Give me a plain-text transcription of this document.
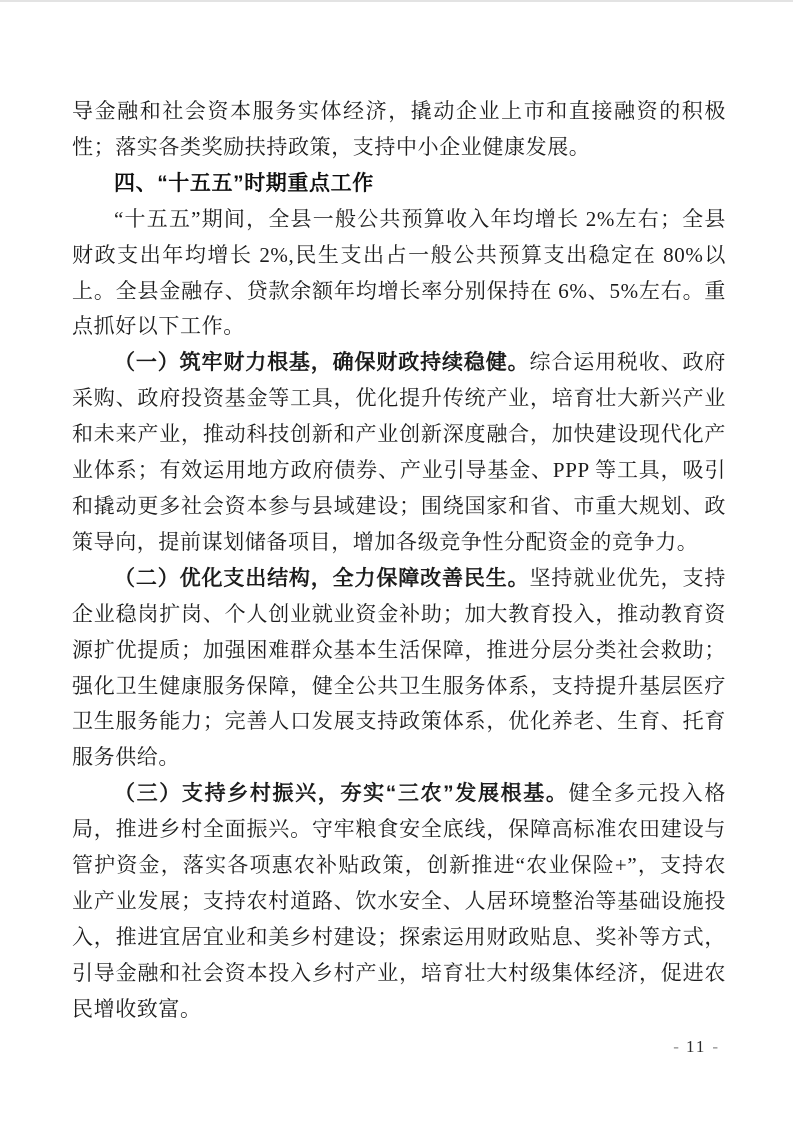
导金融和社会资本服务实体经济，撬动企业上市和直接融资的积极性；落实各类奖励扶持政策，支持中小企业健康发展。

四、“十五五”时期重点工作

“十五五”期间，全县一般公共预算收入年均增长 2%左右；全县财政支出年均增长 2%,民生支出占一般公共预算支出稳定在 80%以上。全县金融存、贷款余额年均增长率分别保持在 6%、5%左右。重点抓好以下工作。

（一）筑牢财力根基，确保财政持续稳健。综合运用税收、政府采购、政府投资基金等工具，优化提升传统产业，培育壮大新兴产业和未来产业，推动科技创新和产业创新深度融合，加快建设现代化产业体系；有效运用地方政府债券、产业引导基金、PPP 等工具，吸引和撬动更多社会资本参与县域建设；围绕国家和省、市重大规划、政策导向，提前谋划储备项目，增加各级竞争性分配资金的竞争力。

（二）优化支出结构，全力保障改善民生。坚持就业优先，支持企业稳岗扩岗、个人创业就业资金补助；加大教育投入，推动教育资源扩优提质；加强困难群众基本生活保障，推进分层分类社会救助；强化卫生健康服务保障，健全公共卫生服务体系，支持提升基层医疗卫生服务能力；完善人口发展支持政策体系，优化养老、生育、托育服务供给。

（三）支持乡村振兴，夯实“三农”发展根基。健全多元投入格局，推进乡村全面振兴。守牢粮食安全底线，保障高标准农田建设与管护资金，落实各项惠农补贴政策，创新推进“农业保险+”，支持农业产业发展；支持农村道路、饮水安全、人居环境整治等基础设施投入，推进宜居宜业和美乡村建设；探索运用财政贴息、奖补等方式，引导金融和社会资本投入乡村产业，培育壮大村级集体经济，促进农民增收致富。

- 11 -
